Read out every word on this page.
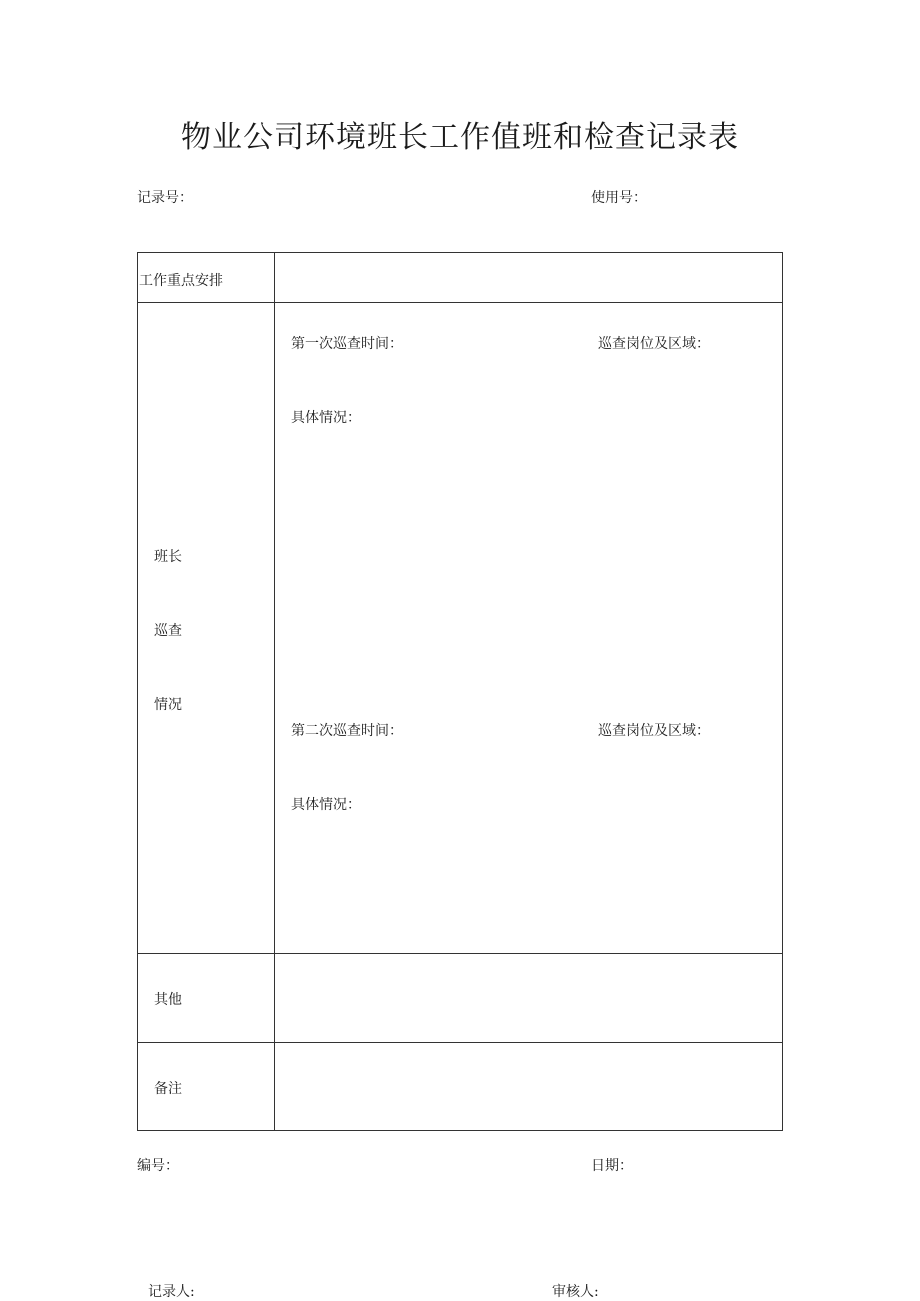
物业公司环境班长工作值班和检查记录表
记录号：	使用号：
工作重点安排
班长
巡查
情况
第一次巡查时间：	巡查岗位及区域：
具体情况：
第二次巡查时间：	巡查岗位及区域：
具体情况：
其他
备注
编号：	日期：
记录人:	审核人:
